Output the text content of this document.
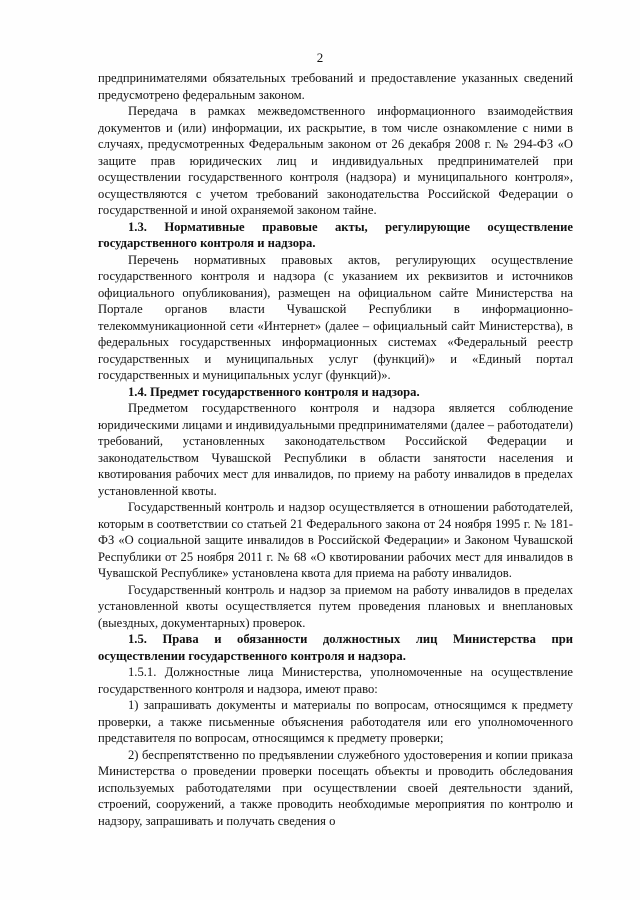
2

предпринимателями обязательных требований и предоставление указанных сведений предусмотрено федеральным законом.

Передача в рамках межведомственного информационного взаимодействия документов и (или) информации, их раскрытие, в том числе ознакомление с ними в случаях, предусмотренных Федеральным законом от 26 декабря 2008 г. № 294-ФЗ «О защите прав юридических лиц и индивидуальных предпринимателей при осуществлении государственного контроля (надзора) и муниципального контроля», осуществляются с учетом требований законодательства Российской Федерации о государственной и иной охраняемой законом тайне.

1.3. Нормативные правовые акты, регулирующие осуществление государственного контроля и надзора.

Перечень нормативных правовых актов, регулирующих осуществление государственного контроля и надзора (с указанием их реквизитов и источников официального опубликования), размещен на официальном сайте Министерства на Портале органов власти Чувашской Республики в информационно-телекоммуникационной сети «Интернет» (далее – официальный сайт Министерства), в федеральных государственных информационных системах «Федеральный реестр государственных и муниципальных услуг (функций)» и «Единый портал государственных и муниципальных услуг (функций)».

1.4. Предмет государственного контроля и надзора.

Предметом государственного контроля и надзора является соблюдение юридическими лицами и индивидуальными предпринимателями (далее – работодатели) требований, установленных законодательством Российской Федерации и законодательством Чувашской Республики в области занятости населения и квотирования рабочих мест для инвалидов, по приему на работу инвалидов в пределах установленной квоты.

Государственный контроль и надзор осуществляется в отношении работодателей, которым в соответствии со статьей 21 Федерального закона от 24 ноября 1995 г. № 181-ФЗ «О социальной защите инвалидов в Российской Федерации» и Законом Чувашской Республики от 25 ноября 2011 г. № 68 «О квотировании рабочих мест для инвалидов в Чувашской Республике» установлена квота для приема на работу инвалидов.

Государственный контроль и надзор за приемом на работу инвалидов в пределах установленной квоты осуществляется путем проведения плановых и внеплановых (выездных, документарных) проверок.

1.5. Права и обязанности должностных лиц Министерства при осуществлении государственного контроля и надзора.

1.5.1. Должностные лица Министерства, уполномоченные на осуществление государственного контроля и надзора, имеют право:

1) запрашивать документы и материалы по вопросам, относящимся к предмету проверки, а также письменные объяснения работодателя или его уполномоченного представителя по вопросам, относящимся к предмету проверки;

2) беспрепятственно по предъявлении служебного удостоверения и копии приказа Министерства о проведении проверки посещать объекты и проводить обследования используемых работодателями при осуществлении своей деятельности зданий, строений, сооружений, а также проводить необходимые мероприятия по контролю и надзору, запрашивать и получать сведения о
